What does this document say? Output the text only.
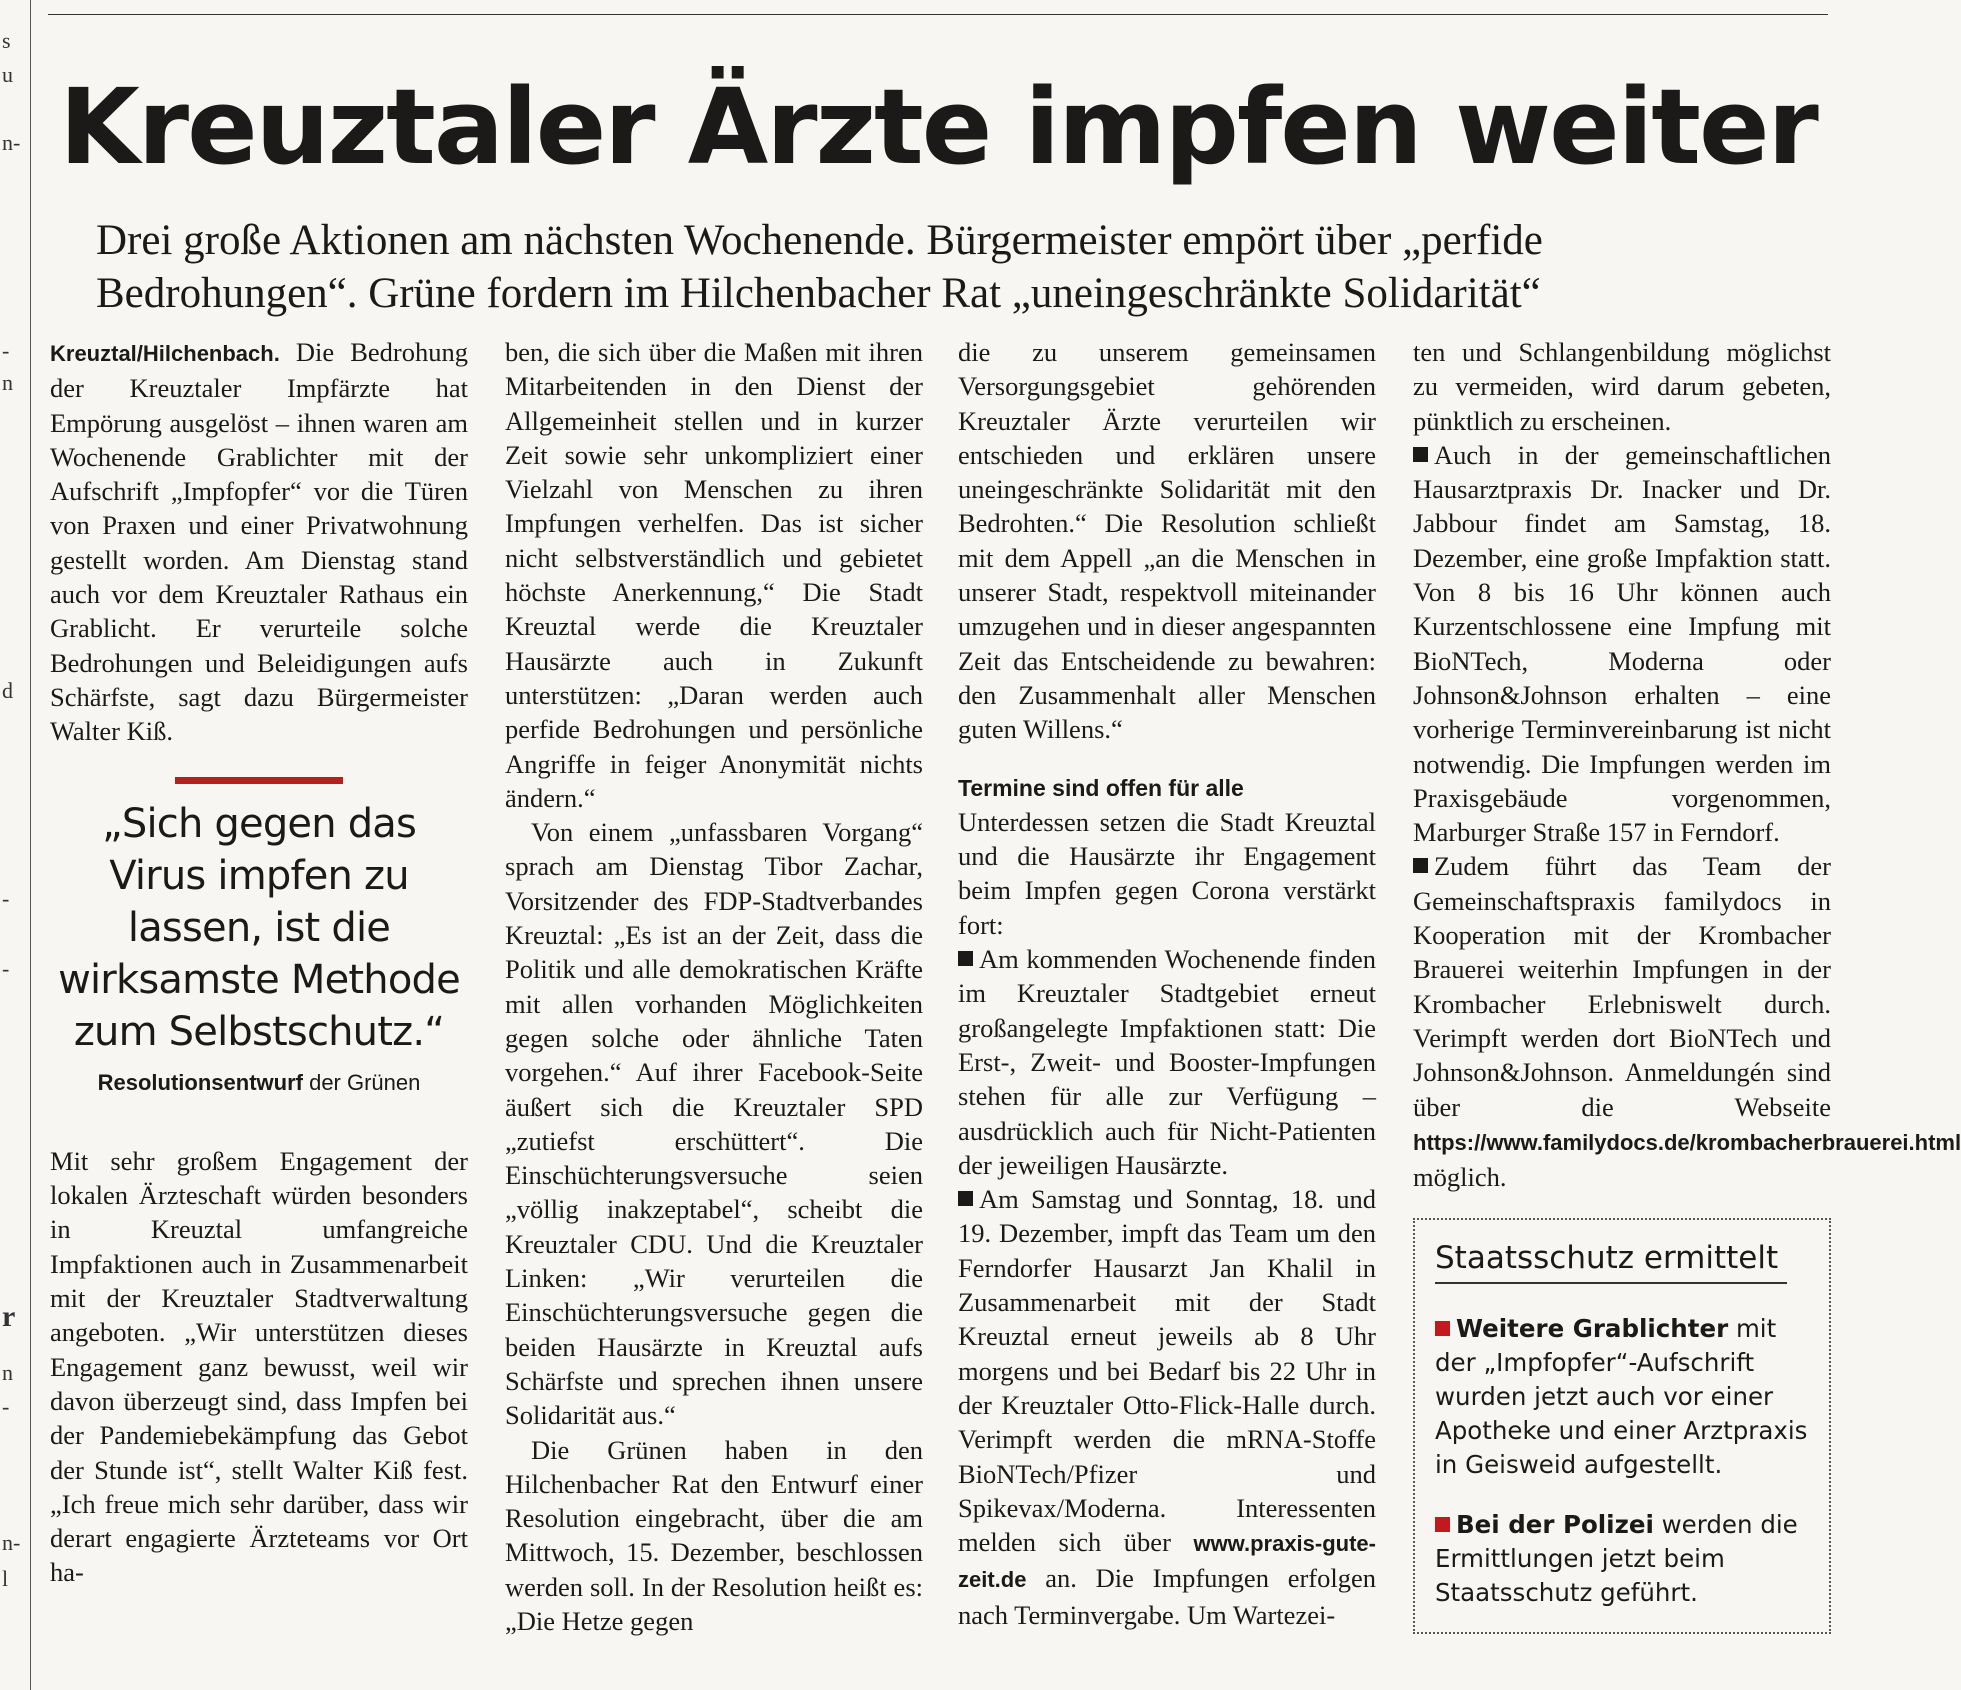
s
u
n-
-
n
d
-
-
r
n
-
n-
l
Kreuztaler Ärzte impfen weiter

Drei große Aktionen am nächsten Wochenende. Bürgermeister empört über „perfide Bedrohungen“. Grüne fordern im Hilchenbacher Rat „uneingeschränkte Solidarität“

Kreuztal/Hilchenbach. Die Bedrohung der Kreuztaler Impfärzte hat Empörung ausgelöst – ihnen waren am Wochenende Grablichter mit der Aufschrift „Impfopfer“ vor die Türen von Praxen und einer Privatwohnung gestellt worden. Am Dienstag stand auch vor dem Kreuztaler Rathaus ein Grablicht. Er verurteile solche Bedrohungen und Beleidigungen aufs Schärfste, sagt dazu Bürgermeister Walter Kiß.

„Sich gegen das Virus impfen zu lassen, ist die wirksamste Methode zum Selbstschutz.“
Resolutionsentwurf der Grünen

Mit sehr großem Engagement der lokalen Ärzteschaft würden besonders in Kreuztal umfangreiche Impfaktionen auch in Zusammenarbeit mit der Kreuztaler Stadtverwaltung angeboten. „Wir unterstützen dieses Engagement ganz bewusst, weil wir davon überzeugt sind, dass Impfen bei der Pandemiebekämpfung das Gebot der Stunde ist“, stellt Walter Kiß fest. „Ich freue mich sehr darüber, dass wir derart engagierte Ärzteteams vor Ort ha-

ben, die sich über die Maßen mit ihren Mitarbeitenden in den Dienst der Allgemeinheit stellen und in kurzer Zeit sowie sehr unkompliziert einer Vielzahl von Menschen zu ihren Impfungen verhelfen. Das ist sicher nicht selbstverständlich und gebietet höchste Anerkennung,“ Die Stadt Kreuztal werde die Kreuztaler Hausärzte auch in Zukunft unterstützen: „Daran werden auch perfide Bedrohungen und persönliche Angriffe in feiger Anonymität nichts ändern.“

Von einem „unfassbaren Vorgang“ sprach am Dienstag Tibor Zachar, Vorsitzender des FDP-Stadtverbandes Kreuztal: „Es ist an der Zeit, dass die Politik und alle demokratischen Kräfte mit allen vorhanden Möglichkeiten gegen solche oder ähnliche Taten vorgehen.“ Auf ihrer Facebook-Seite äußert sich die Kreuztaler SPD „zutiefst erschüttert“. Die Einschüchterungsversuche seien „völlig inakzeptabel“, scheibt die Kreuztaler CDU. Und die Kreuztaler Linken: „Wir verurteilen die Einschüchterungsversuche gegen die beiden Hausärzte in Kreuztal aufs Schärfste und sprechen ihnen unsere Solidarität aus.“

Die Grünen haben in den Hilchenbacher Rat den Entwurf einer Resolution eingebracht, über die am Mittwoch, 15. Dezember, beschlossen werden soll. In der Resolution heißt es: „Die Hetze gegen

die zu unserem gemeinsamen Versorgungsgebiet gehörenden Kreuztaler Ärzte verurteilen wir entschieden und erklären unsere uneingeschränkte Solidarität mit den Bedrohten.“ Die Resolution schließt mit dem Appell „an die Menschen in unserer Stadt, respektvoll miteinander umzugehen und in dieser angespannten Zeit das Entscheidende zu bewahren: den Zusammenhalt aller Menschen guten Willens.“

Termine sind offen für alle

Unterdessen setzen die Stadt Kreuztal und die Hausärzte ihr Engagement beim Impfen gegen Corona verstärkt fort:

Am kommenden Wochenende finden im Kreuztaler Stadtgebiet erneut großangelegte Impfaktionen statt: Die Erst-, Zweit- und Booster-Impfungen stehen für alle zur Verfügung – ausdrücklich auch für Nicht-Patienten der jeweiligen Hausärzte.

Am Samstag und Sonntag, 18. und 19. Dezember, impft das Team um den Ferndorfer Hausarzt Jan Khalil in Zusammenarbeit mit der Stadt Kreuztal erneut jeweils ab 8 Uhr morgens und bei Bedarf bis 22 Uhr in der Kreuztaler Otto-Flick-Halle durch. Verimpft werden die mRNA-Stoffe BioNTech/Pfizer und Spikevax/Moderna. Interessenten melden sich über www.praxis-gute-zeit.de an. Die Impfungen erfolgen nach Terminvergabe. Um Wartezei-

ten und Schlangenbildung möglichst zu vermeiden, wird darum gebeten, pünktlich zu erscheinen.

Auch in der gemeinschaftlichen Hausarztpraxis Dr. Inacker und Dr. Jabbour findet am Samstag, 18. Dezember, eine große Impfaktion statt. Von 8 bis 16 Uhr können auch Kurzentschlossene eine Impfung mit BioNTech, Moderna oder Johnson&Johnson erhalten – eine vorherige Terminvereinbarung ist nicht notwendig. Die Impfungen werden im Praxisgebäude vorgenommen, Marburger Straße 157 in Ferndorf.

Zudem führt das Team der Gemeinschaftspraxis familydocs in Kooperation mit der Krombacher Brauerei weiterhin Impfungen in der Krombacher Erlebniswelt durch. Verimpft werden dort BioNTech und Johnson&Johnson. Anmeldungén sind über die Webseite https://www.familydocs.de/krombacherbrauerei.html möglich.

Staatsschutz ermittelt

Weitere Grablichter mit der „Impfopfer“-Aufschrift wurden jetzt auch vor einer Apotheke und einer Arztpraxis in Geisweid aufgestellt.

Bei der Polizei werden die Ermittlungen jetzt beim Staatsschutz geführt.
